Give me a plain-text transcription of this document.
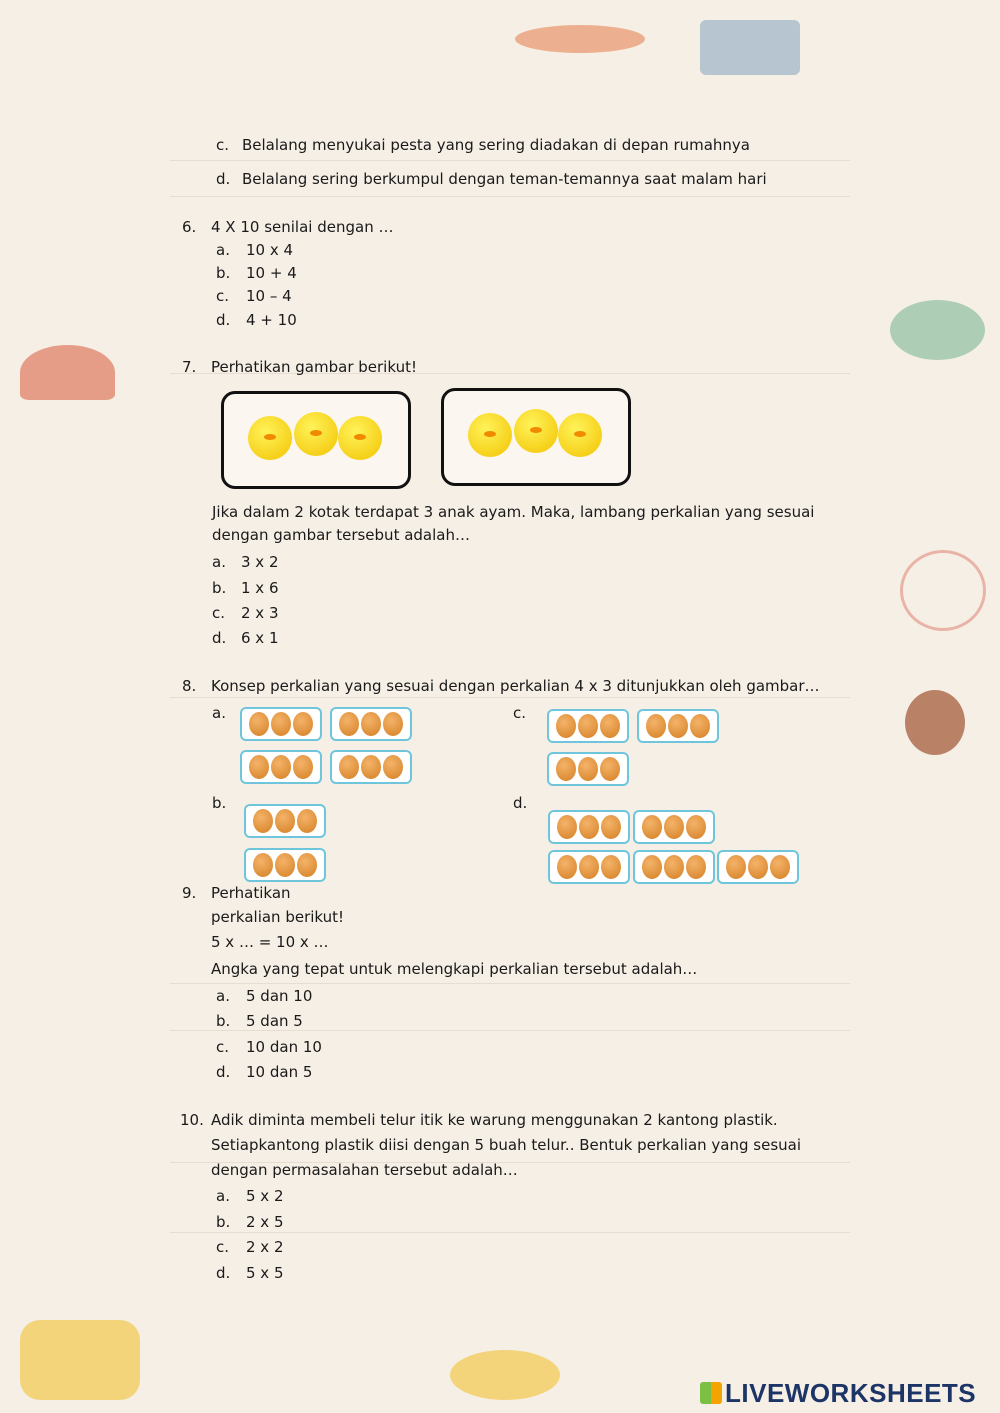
c. Belalang menyukai pesta yang sering diadakan di depan rumahnya
d. Belalang sering berkumpul dengan teman-temannya saat malam hari
6. 4 X 10 senilai dengan …
a. 10 x 4
b. 10 + 4
c. 10 – 4
d. 4 + 10
7. Perhatikan gambar berikut!
Jika dalam 2 kotak terdapat 3 anak ayam. Maka, lambang perkalian yang sesuai
dengan gambar tersebut adalah…
a. 3 x 2
b. 1 x 6
c. 2 x 3
d. 6 x 1
8. Konsep perkalian yang sesuai dengan perkalian 4 x 3 ditunjukkan oleh gambar…
a.	c.
b.	d.
9. Perhatikan
perkalian berikut!
5 x … = 10 x …
Angka yang tepat untuk melengkapi perkalian tersebut adalah…
a. 5 dan 10
b. 5 dan 5
c. 10 dan 10
d. 10 dan 5
10. Adik diminta membeli telur itik ke warung menggunakan 2 kantong plastik.
Setiapkantong plastik diisi dengan 5 buah telur.. Bentuk perkalian yang sesuai
dengan permasalahan tersebut adalah…
a. 5 x 2
b. 2 x 5
c. 2 x 2
d. 5 x 5
LIVEWORKSHEETS
